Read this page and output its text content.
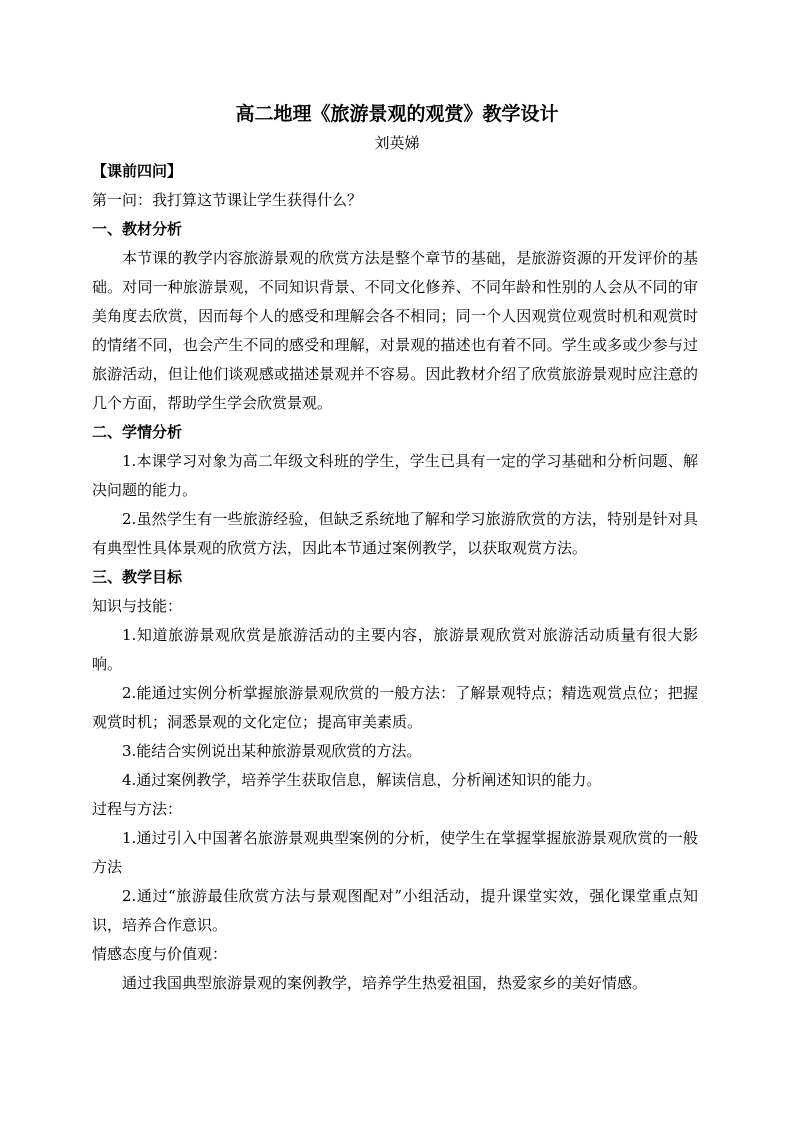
高二地理《旅游景观的观赏》教学设计
刘英娣
【课前四问】
第一问：我打算这节课让学生获得什么？
一、教材分析

本节课的教学内容旅游景观的欣赏方法是整个章节的基础，是旅游资源的开发评价的基础。对同一种旅游景观，不同知识背景、不同文化修养、不同年龄和性别的人会从不同的审美角度去欣赏，因而每个人的感受和理解会各不相同；同一个人因观赏位观赏时机和观赏时的情绪不同，也会产生不同的感受和理解，对景观的描述也有着不同。学生或多或少参与过旅游活动，但让他们谈观感或描述景观并不容易。因此教材介绍了欣赏旅游景观时应注意的几个方面，帮助学生学会欣赏景观。

二、学情分析

1.本课学习对象为高二年级文科班的学生，学生已具有一定的学习基础和分析问题、解决问题的能力。

2.虽然学生有一些旅游经验，但缺乏系统地了解和学习旅游欣赏的方法，特别是针对具有典型性具体景观的欣赏方法，因此本节通过案例教学，以获取观赏方法。

三、教学目标
知识与技能：

1.知道旅游景观欣赏是旅游活动的主要内容，旅游景观欣赏对旅游活动质量有很大影响。

2.能通过实例分析掌握旅游景观欣赏的一般方法：了解景观特点；精选观赏点位；把握观赏时机；洞悉景观的文化定位；提高审美素质。

3.能结合实例说出某种旅游景观欣赏的方法。

4.通过案例教学，培养学生获取信息，解读信息，分析阐述知识的能力。

过程与方法：

1.通过引入中国著名旅游景观典型案例的分析，使学生在掌握掌握旅游景观欣赏的一般方法

2.通过“旅游最佳欣赏方法与景观图配对”小组活动，提升课堂实效，强化课堂重点知识，培养合作意识。

情感态度与价值观：

通过我国典型旅游景观的案例教学，培养学生热爱祖国，热爱家乡的美好情感。
